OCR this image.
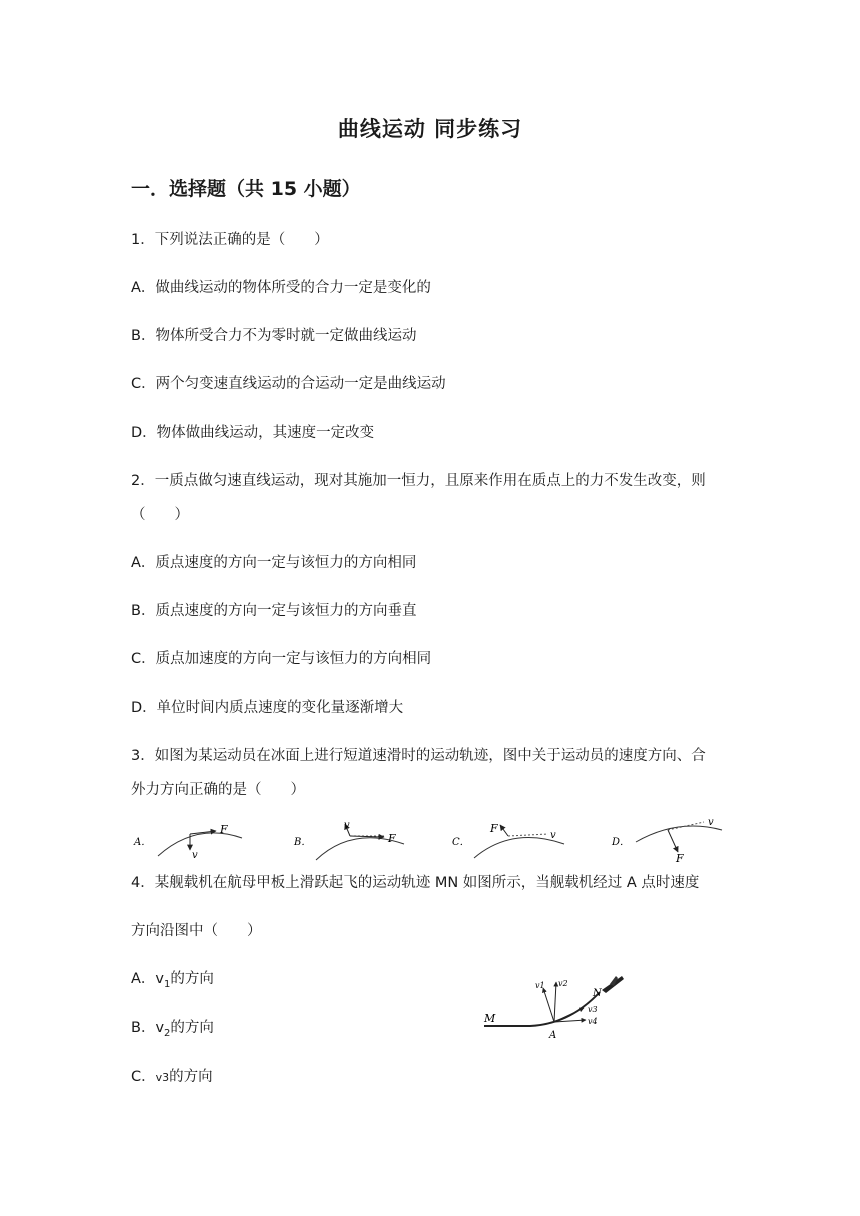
曲线运动 同步练习
一．选择题（共 15 小题）
1．下列说法正确的是（　　）
A．做曲线运动的物体所受的合力一定是变化的
B．物体所受合力不为零时就一定做曲线运动
C．两个匀变速直线运动的合运动一定是曲线运动
D．物体做曲线运动，其速度一定改变
2．一质点做匀速直线运动，现对其施加一恒力，且原来作用在质点上的力不发生改变，则
（　　）
A．质点速度的方向一定与该恒力的方向相同
B．质点速度的方向一定与该恒力的方向垂直
C．质点加速度的方向一定与该恒力的方向相同
D．单位时间内质点速度的变化量逐渐增大
3．如图为某运动员在冰面上进行短道速滑时的运动轨迹，图中关于运动员的速度方向、合
外力方向正确的是（　　）
A．
F
v
B．
v
F	C．
F
v
D．
v
F
4．某舰载机在航母甲板上滑跃起飞的运动轨迹 MN 如图所示，当舰载机经过 A 点时速度
方向沿图中（　　）
A．$v_1$的方向
B．$v_2$的方向
C．v3的方向
M
N
A
v1 v2
v3
v4
